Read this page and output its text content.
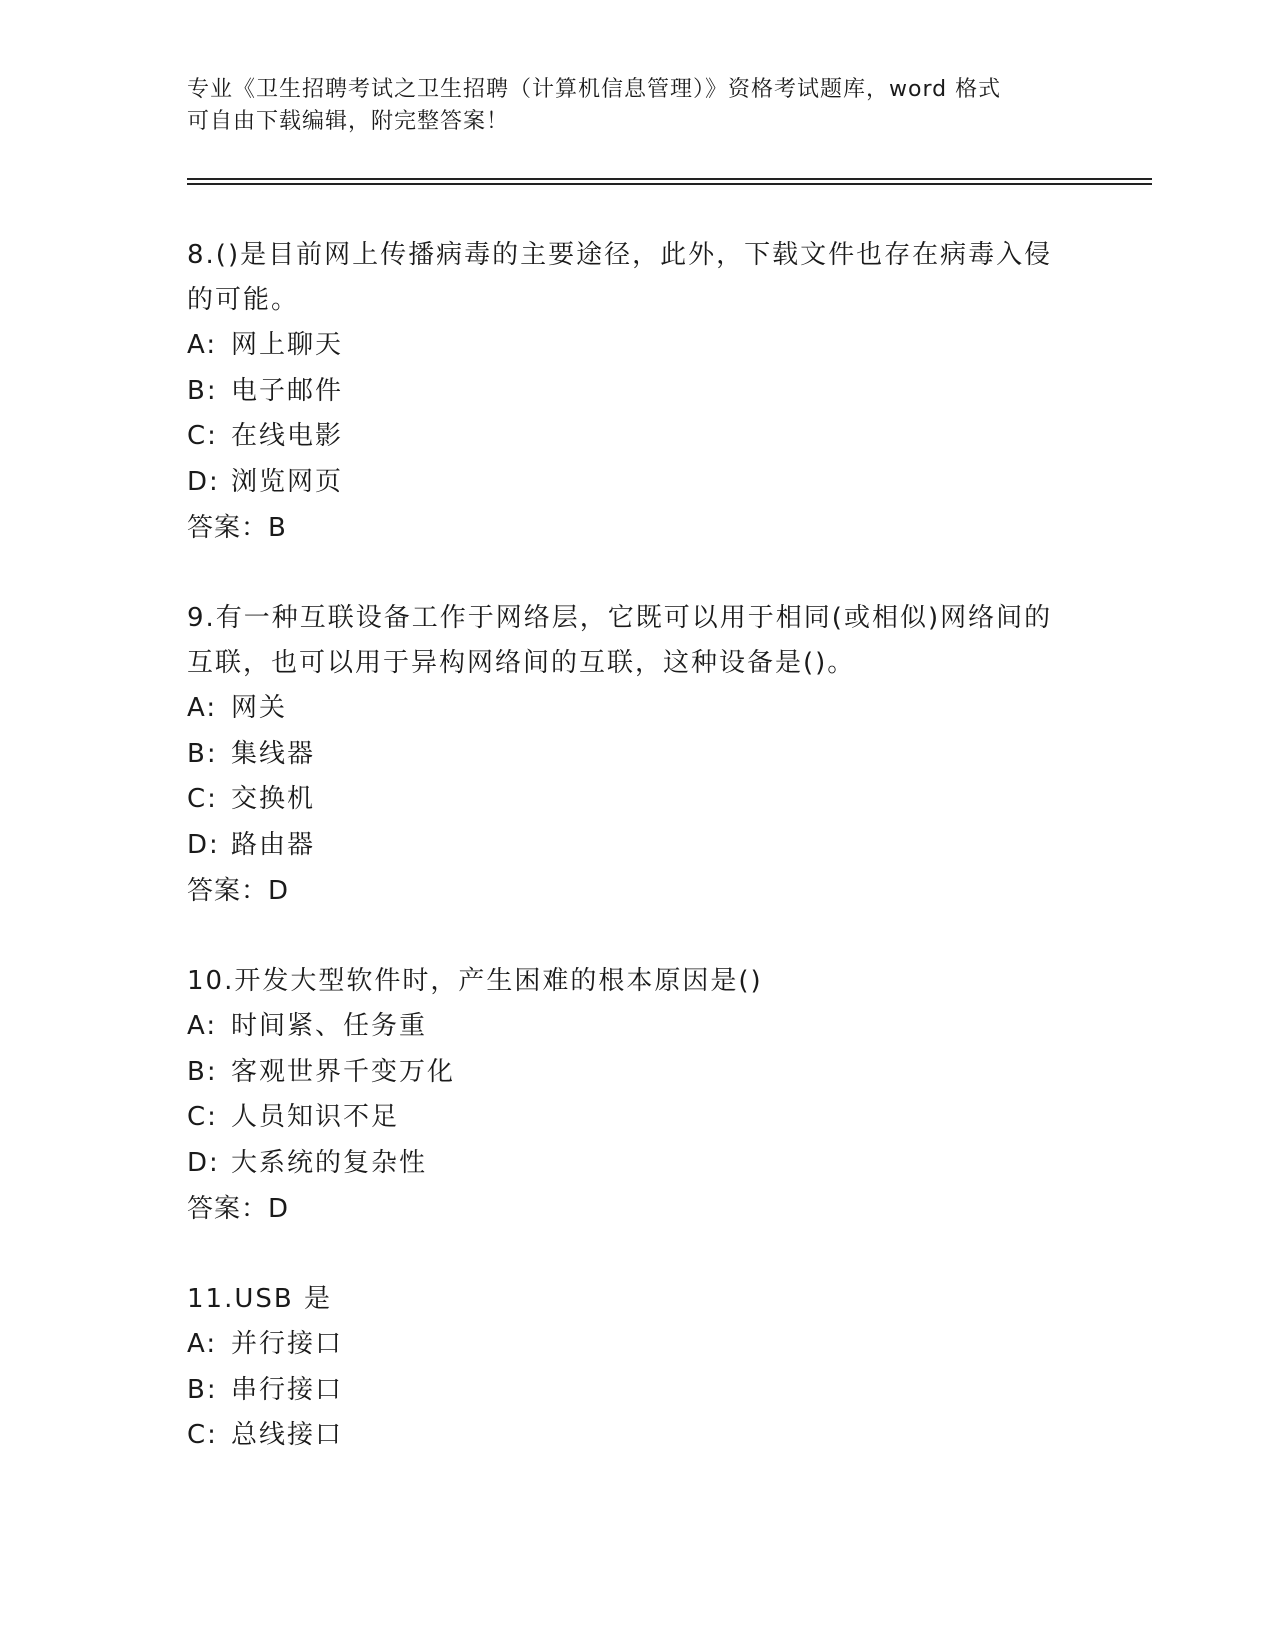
专业《卫生招聘考试之卫生招聘（计算机信息管理）》资格考试题库，word 格式
可自由下载编辑，附完整答案！
8.()是目前网上传播病毒的主要途径，此外，下载文件也存在病毒入侵的可能。
A: 网上聊天
B: 电子邮件
C: 在线电影
D: 浏览网页
答案：B
9.有一种互联设备工作于网络层，它既可以用于相同(或相似)网络间的互联，也可以用于异构网络间的互联，这种设备是()。
A: 网关
B: 集线器
C: 交换机
D: 路由器
答案：D
10.开发大型软件时，产生困难的根本原因是()
A: 时间紧、任务重
B: 客观世界千变万化
C: 人员知识不足
D: 大系统的复杂性
答案：D
11.USB 是
A: 并行接口
B: 串行接口
C: 总线接口
